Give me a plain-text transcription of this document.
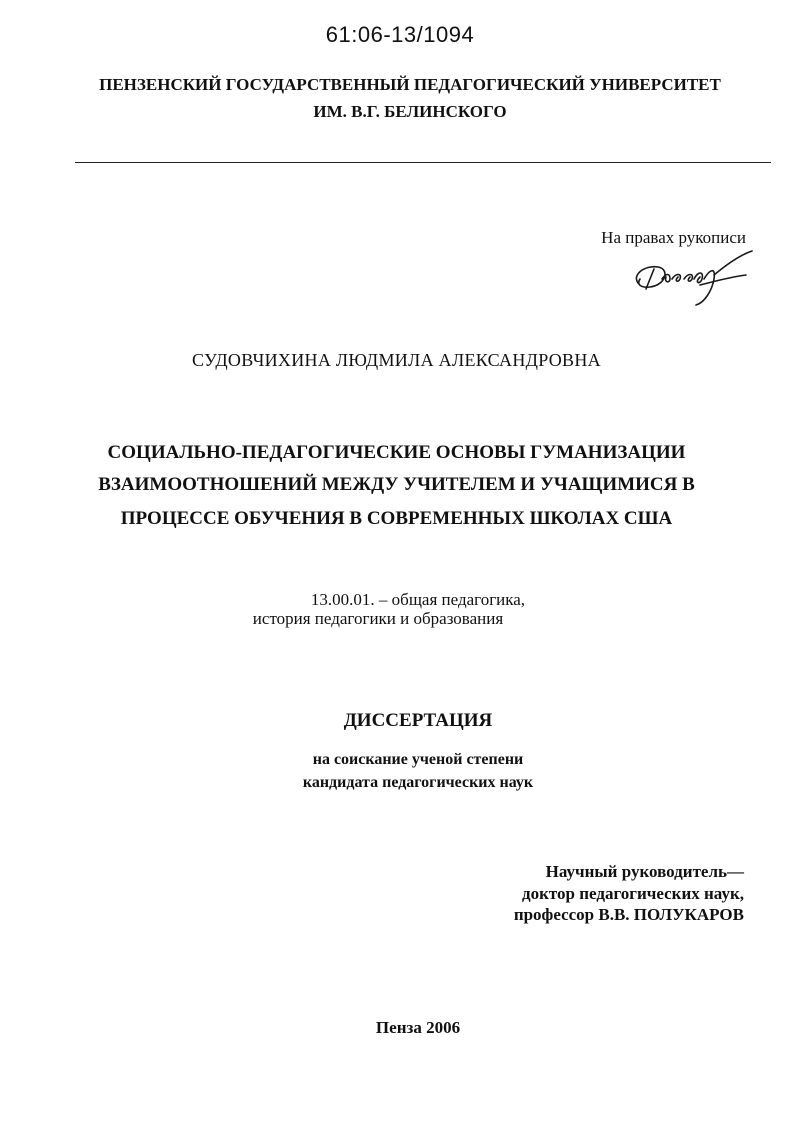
61:06-13/1094
ПЕНЗЕНСКИЙ ГОСУДАРСТВЕННЫЙ ПЕДАГОГИЧЕСКИЙ УНИВЕРСИТЕТ
ИМ. В.Г. БЕЛИНСКОГО
На правах рукописи
СУДОВЧИХИНА ЛЮДМИЛА АЛЕКСАНДРОВНА
СОЦИАЛЬНО-ПЕДАГОГИЧЕСКИЕ ОСНОВЫ ГУМАНИЗАЦИИ
ВЗАИМООТНОШЕНИЙ МЕЖДУ УЧИТЕЛЕМ И УЧАЩИМИСЯ В
ПРОЦЕССЕ ОБУЧЕНИЯ В СОВРЕМЕННЫХ ШКОЛАХ США
13.00.01. – общая педагогика,
история педагогики и образования
ДИССЕРТАЦИЯ
на соискание ученой степени
кандидата педагогических наук
Научный руководитель—
доктор педагогических наук,
профессор В.В. ПОЛУКАРОВ
Пенза 2006
